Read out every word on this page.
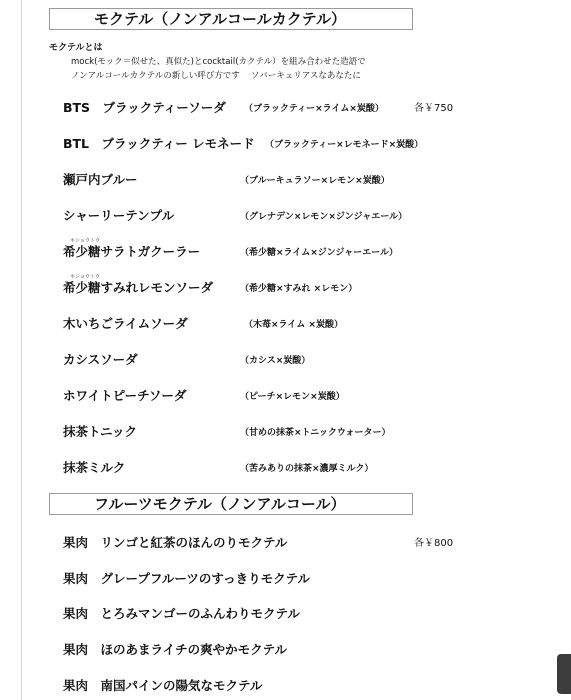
モクテル（ノンアルコールカクテル）
モクテルとは
mock(モック＝似せた、真似た)とcocktail(カクテル）を組み合わせた造語で
ノンアルコールカクテルの新しい呼び方です　 ソバーキュリアスなあなたに
BTS　ブラックティーソーダ （ブラックティー×ライム×炭酸）	各￥750
BTL　ブラックティー レモネード （ブラックティー×レモネード×炭酸）
瀬戸内ブルー	（ブルーキュラソー×レモン×炭酸）
シャーリーテンプル	（グレナデン×レモン×ジンジャエール）
キショウトウ
希少糖サラトガクーラー	（希少糖×ライム×ジンジャーエール）
キショウトウ
希少糖すみれレモンソーダ	（希少糖×すみれ ×レモン）
木いちごライムソーダ	（木苺×ライム ×炭酸）
カシスソーダ	（カシス×炭酸）
ホワイトピーチソーダ	（ピーチ×レモン×炭酸）
抹茶トニック	（甘めの抹茶×トニックウォーター）
抹茶ミルク	（苦みありの抹茶×濃厚ミルク）
フルーツモクテル（ノンアルコール）
果肉　リンゴと紅茶のほんのりモクテル	各￥800
果肉　グレープフルーツのすっきりモクテル
果肉　とろみマンゴーのふんわりモクテル
果肉　ほのあまライチの爽やかモクテル
果肉　南国パインの陽気なモクテル
